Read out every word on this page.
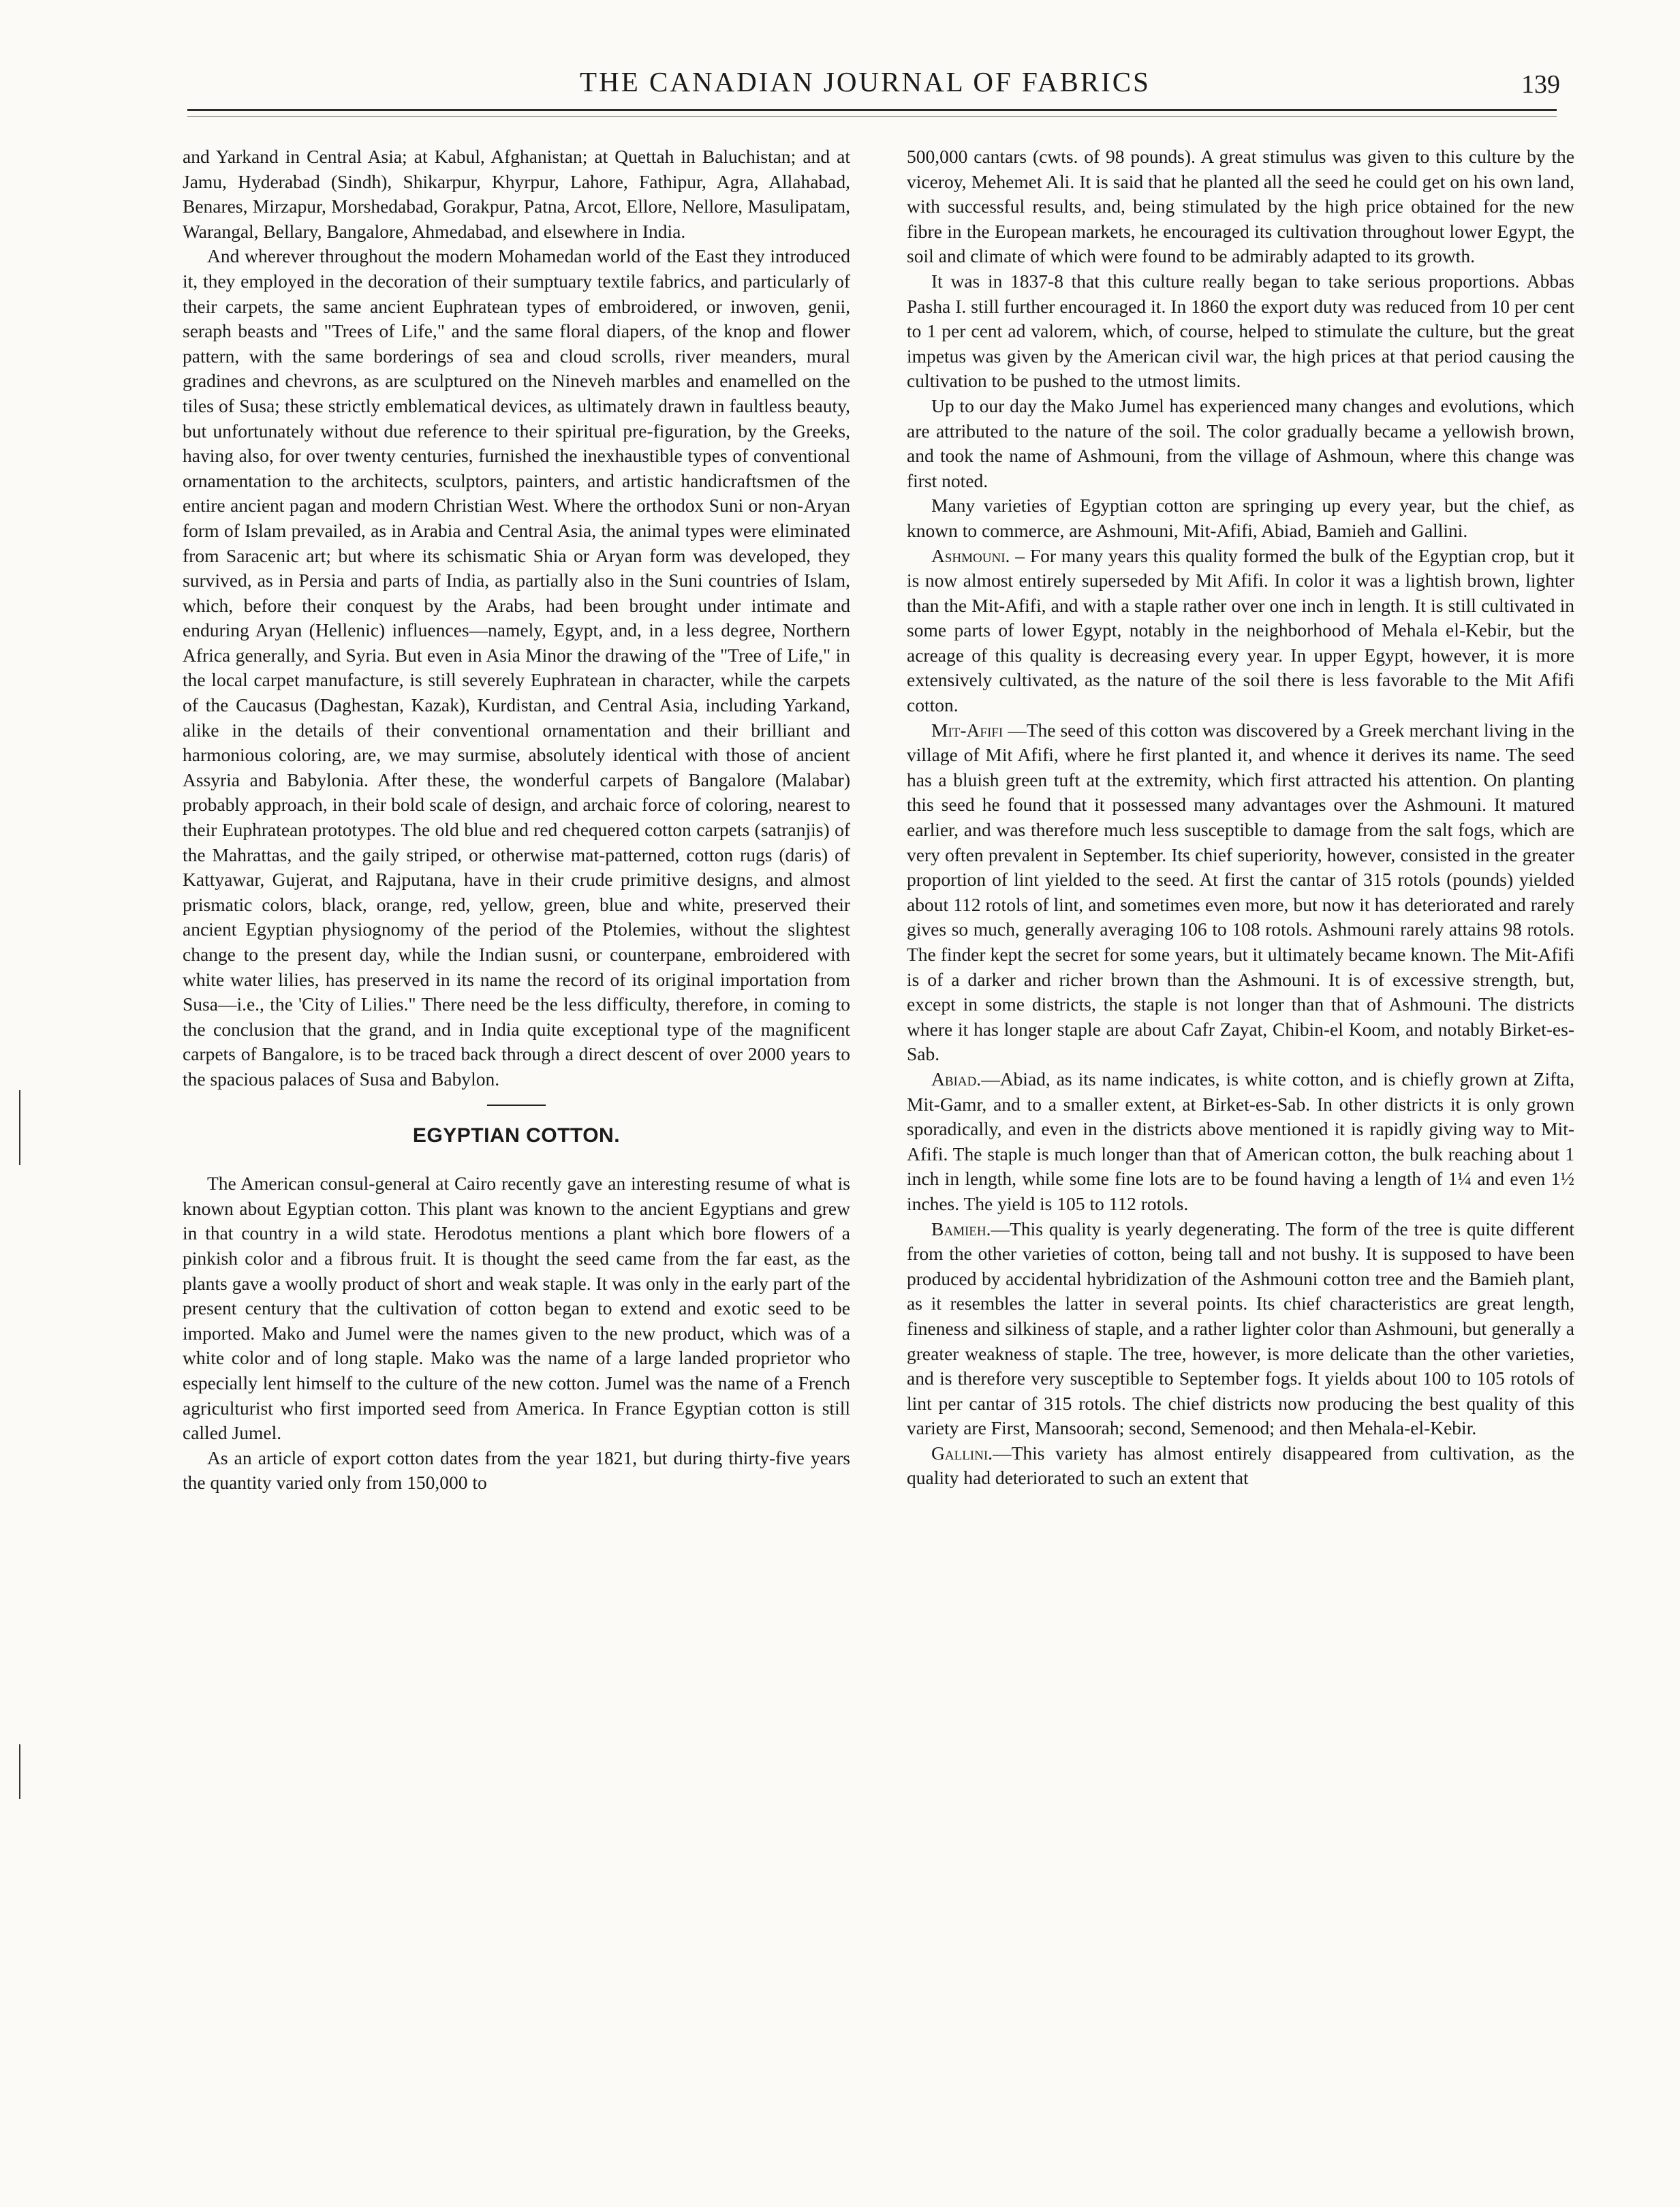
THE CANADIAN JOURNAL OF FABRICS	139

and Yarkand in Central Asia; at Kabul, Afghanistan; at Quettah in Baluchistan; and at Jamu, Hyderabad (Sindh), Shikarpur, Khyrpur, Lahore, Fathipur, Agra, Allahabad, Benares, Mirzapur, Morshedabad, Gorakpur, Patna, Arcot, Ellore, Nellore, Masulipatam, Warangal, Bellary, Bangalore, Ahmedabad, and elsewhere in India.

And wherever throughout the modern Mohamedan world of the East they introduced it, they employed in the decoration of their sumptuary textile fabrics, and particularly of their carpets, the same ancient Euphratean types of embroidered, or inwoven, genii, seraph beasts and "Trees of Life," and the same floral diapers, of the knop and flower pattern, with the same borderings of sea and cloud scrolls, river meanders, mural gradines and chevrons, as are sculptured on the Nineveh marbles and enamelled on the tiles of Susa; these strictly emblematical devices, as ultimately drawn in faultless beauty, but unfortunately without due reference to their spiritual pre-figuration, by the Greeks, having also, for over twenty centuries, furnished the inexhaustible types of conventional ornamentation to the architects, sculptors, painters, and artistic handicraftsmen of the entire ancient pagan and modern Christian West. Where the orthodox Suni or non-Aryan form of Islam prevailed, as in Arabia and Central Asia, the animal types were eliminated from Saracenic art; but where its schismatic Shia or Aryan form was developed, they survived, as in Persia and parts of India, as partially also in the Suni countries of Islam, which, before their conquest by the Arabs, had been brought under intimate and enduring Aryan (Hellenic) influences—namely, Egypt, and, in a less degree, Northern Africa generally, and Syria. But even in Asia Minor the drawing of the "Tree of Life," in the local carpet manufacture, is still severely Euphratean in character, while the carpets of the Caucasus (Daghestan, Kazak), Kurdistan, and Central Asia, including Yarkand, alike in the details of their conventional ornamentation and their brilliant and harmonious coloring, are, we may surmise, absolutely identical with those of ancient Assyria and Babylonia. After these, the wonderful carpets of Bangalore (Malabar) probably approach, in their bold scale of design, and archaic force of coloring, nearest to their Euphratean prototypes. The old blue and red chequered cotton carpets (satranjis) of the Mahrattas, and the gaily striped, or otherwise mat-patterned, cotton rugs (daris) of Kattyawar, Gujerat, and Rajputana, have in their crude primitive designs, and almost prismatic colors, black, orange, red, yellow, green, blue and white, preserved their ancient Egyptian physiognomy of the period of the Ptolemies, without the slightest change to the present day, while the Indian susni, or counterpane, embroidered with white water lilies, has preserved in its name the record of its original importation from Susa—i.e., the 'City of Lilies." There need be the less difficulty, therefore, in coming to the conclusion that the grand, and in India quite exceptional type of the magnificent carpets of Bangalore, is to be traced back through a direct descent of over 2000 years to the spacious palaces of Susa and Babylon.

EGYPTIAN COTTON.

The American consul-general at Cairo recently gave an interesting resume of what is known about Egyptian cotton. This plant was known to the ancient Egyptians and grew in that country in a wild state. Herodotus mentions a plant which bore flowers of a pinkish color and a fibrous fruit. It is thought the seed came from the far east, as the plants gave a woolly product of short and weak staple. It was only in the early part of the present century that the cultivation of cotton began to extend and exotic seed to be imported. Mako and Jumel were the names given to the new product, which was of a white color and of long staple. Mako was the name of a large landed proprietor who especially lent himself to the culture of the new cotton. Jumel was the name of a French agriculturist who first imported seed from America. In France Egyptian cotton is still called Jumel.

As an article of export cotton dates from the year 1821, but during thirty-five years the quantity varied only from 150,000 to

500,000 cantars (cwts. of 98 pounds). A great stimulus was given to this culture by the viceroy, Mehemet Ali. It is said that he planted all the seed he could get on his own land, with successful results, and, being stimulated by the high price obtained for the new fibre in the European markets, he encouraged its cultivation throughout lower Egypt, the soil and climate of which were found to be admirably adapted to its growth.

It was in 1837-8 that this culture really began to take serious proportions. Abbas Pasha I. still further encouraged it. In 1860 the export duty was reduced from 10 per cent to 1 per cent ad valorem, which, of course, helped to stimulate the culture, but the great impetus was given by the American civil war, the high prices at that period causing the cultivation to be pushed to the utmost limits.

Up to our day the Mako Jumel has experienced many changes and evolutions, which are attributed to the nature of the soil. The color gradually became a yellowish brown, and took the name of Ashmouni, from the village of Ashmoun, where this change was first noted.

Many varieties of Egyptian cotton are springing up every year, but the chief, as known to commerce, are Ashmouni, Mit-Afifi, Abiad, Bamieh and Gallini.

Ashmouni. – For many years this quality formed the bulk of the Egyptian crop, but it is now almost entirely superseded by Mit Afifi. In color it was a lightish brown, lighter than the Mit-Afifi, and with a staple rather over one inch in length. It is still cultivated in some parts of lower Egypt, notably in the neighborhood of Mehala el-Kebir, but the acreage of this quality is decreasing every year. In upper Egypt, however, it is more extensively cultivated, as the nature of the soil there is less favorable to the Mit Afifi cotton.

Mit-Afifi —The seed of this cotton was discovered by a Greek merchant living in the village of Mit Afifi, where he first planted it, and whence it derives its name. The seed has a bluish green tuft at the extremity, which first attracted his attention. On planting this seed he found that it possessed many advantages over the Ashmouni. It matured earlier, and was therefore much less susceptible to damage from the salt fogs, which are very often prevalent in September. Its chief superiority, however, consisted in the greater proportion of lint yielded to the seed. At first the cantar of 315 rotols (pounds) yielded about 112 rotols of lint, and sometimes even more, but now it has deteriorated and rarely gives so much, generally averaging 106 to 108 rotols. Ashmouni rarely attains 98 rotols. The finder kept the secret for some years, but it ultimately became known. The Mit-Afifi is of a darker and richer brown than the Ashmouni. It is of excessive strength, but, except in some districts, the staple is not longer than that of Ashmouni. The districts where it has longer staple are about Cafr Zayat, Chibin-el Koom, and notably Birket-es-Sab.

Abiad.—Abiad, as its name indicates, is white cotton, and is chiefly grown at Zifta, Mit-Gamr, and to a smaller extent, at Birket-es-Sab. In other districts it is only grown sporadically, and even in the districts above mentioned it is rapidly giving way to Mit-Afifi. The staple is much longer than that of American cotton, the bulk reaching about 1 inch in length, while some fine lots are to be found having a length of 1¼ and even 1½ inches. The yield is 105 to 112 rotols.

Bamieh.—This quality is yearly degenerating. The form of the tree is quite different from the other varieties of cotton, being tall and not bushy. It is supposed to have been produced by accidental hybridization of the Ashmouni cotton tree and the Bamieh plant, as it resembles the latter in several points. Its chief characteristics are great length, fineness and silkiness of staple, and a rather lighter color than Ashmouni, but generally a greater weakness of staple. The tree, however, is more delicate than the other varieties, and is therefore very susceptible to September fogs. It yields about 100 to 105 rotols of lint per cantar of 315 rotols. The chief districts now producing the best quality of this variety are First, Mansoorah; second, Semenood; and then Mehala-el-Kebir.

Gallini.—This variety has almost entirely disappeared from cultivation, as the quality had deteriorated to such an extent that
